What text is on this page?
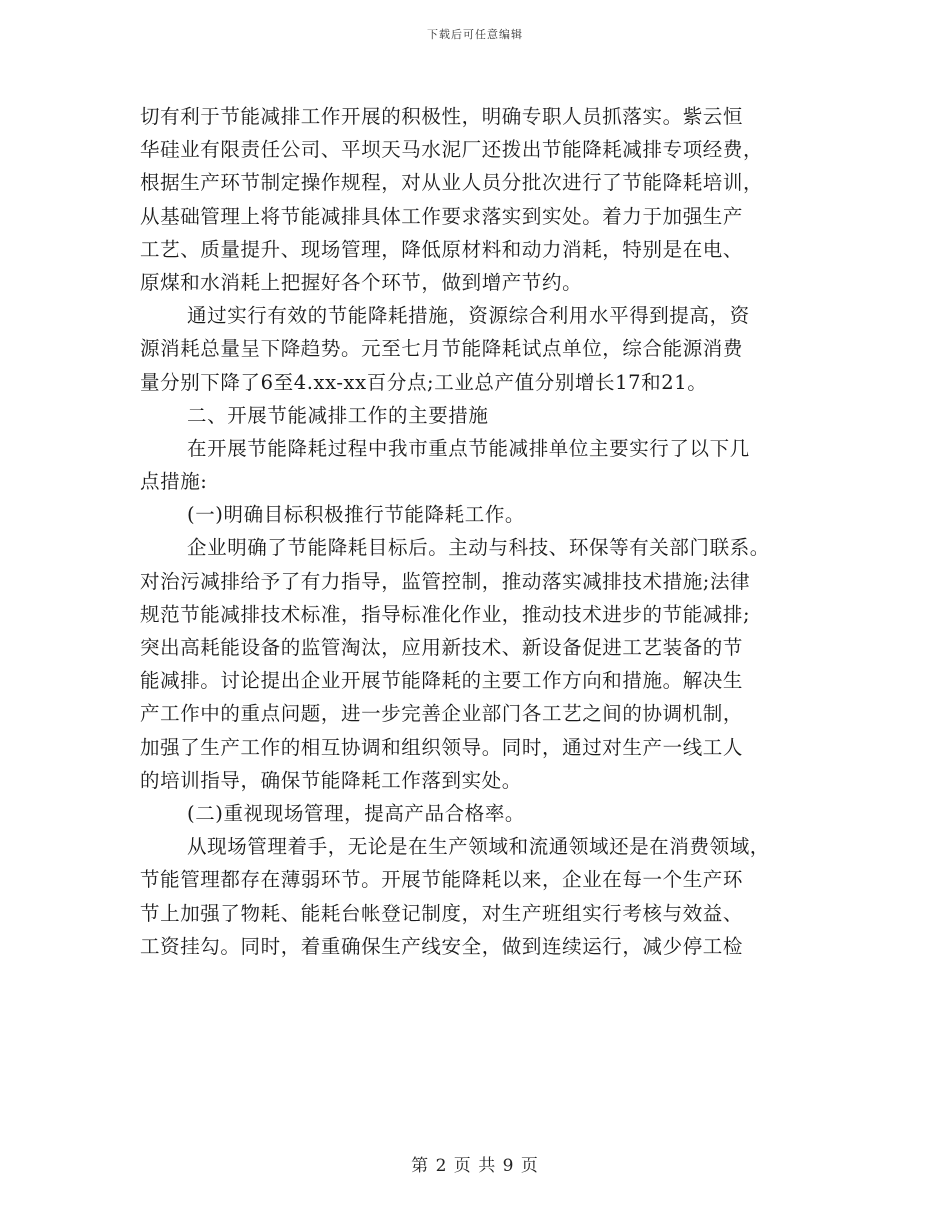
下载后可任意编辑
切有利于节能减排工作开展的积极性，明确专职人员抓落实。紫云恒
华硅业有限责任公司、平坝天马水泥厂还拨出节能降耗减排专项经费，
根据生产环节制定操作规程，对从业人员分批次进行了节能降耗培训，
从基础管理上将节能减排具体工作要求落实到实处。着力于加强生产
工艺、质量提升、现场管理，降低原材料和动力消耗，特别是在电、
原煤和水消耗上把握好各个环节，做到增产节约。
通过实行有效的节能降耗措施，资源综合利用水平得到提高，资
源消耗总量呈下降趋势。元至七月节能降耗试点单位，综合能源消费
量分别下降了6至4.xx-xx百分点;工业总产值分别增长17和21。
二、开展节能减排工作的主要措施
在开展节能降耗过程中我市重点节能减排单位主要实行了以下几
点措施:
(一)明确目标积极推行节能降耗工作。
企业明确了节能降耗目标后。主动与科技、环保等有关部门联系。
对治污减排给予了有力指导，监管控制，推动落实减排技术措施;法律
规范节能减排技术标准，指导标准化作业，推动技术进步的节能减排;
突出高耗能设备的监管淘汰，应用新技术、新设备促进工艺装备的节
能减排。讨论提出企业开展节能降耗的主要工作方向和措施。解决生
产工作中的重点问题，进一步完善企业部门各工艺之间的协调机制，
加强了生产工作的相互协调和组织领导。同时，通过对生产一线工人
的培训指导，确保节能降耗工作落到实处。
(二)重视现场管理，提高产品合格率。
从现场管理着手，无论是在生产领域和流通领域还是在消费领域，
节能管理都存在薄弱环节。开展节能降耗以来，企业在每一个生产环
节上加强了物耗、能耗台帐登记制度，对生产班组实行考核与效益、
工资挂勾。同时，着重确保生产线安全，做到连续运行，减少停工检
第 2 页 共 9 页
